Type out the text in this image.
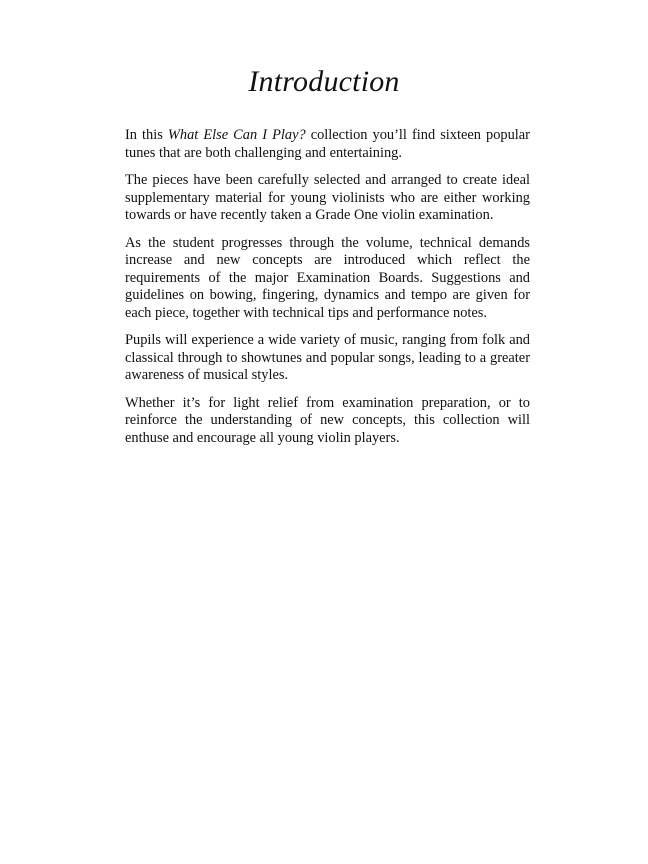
Introduction

In this What Else Can I Play? collection you’ll find sixteen popular tunes that are both challenging and entertaining.

The pieces have been carefully selected and arranged to create ideal supplementary material for young violinists who are either working towards or have recently taken a Grade One violin examination.

As the student progresses through the volume, technical demands increase and new concepts are introduced which reflect the requirements of the major Examination Boards. Suggestions and guidelines on bowing, fingering, dynamics and tempo are given for each piece, together with technical tips and performance notes.

Pupils will experience a wide variety of music, ranging from folk and classical through to showtunes and popular songs, leading to a greater awareness of musical styles.

Whether it’s for light relief from examination preparation, or to reinforce the understanding of new concepts, this collection will enthuse and encourage all young violin players.
